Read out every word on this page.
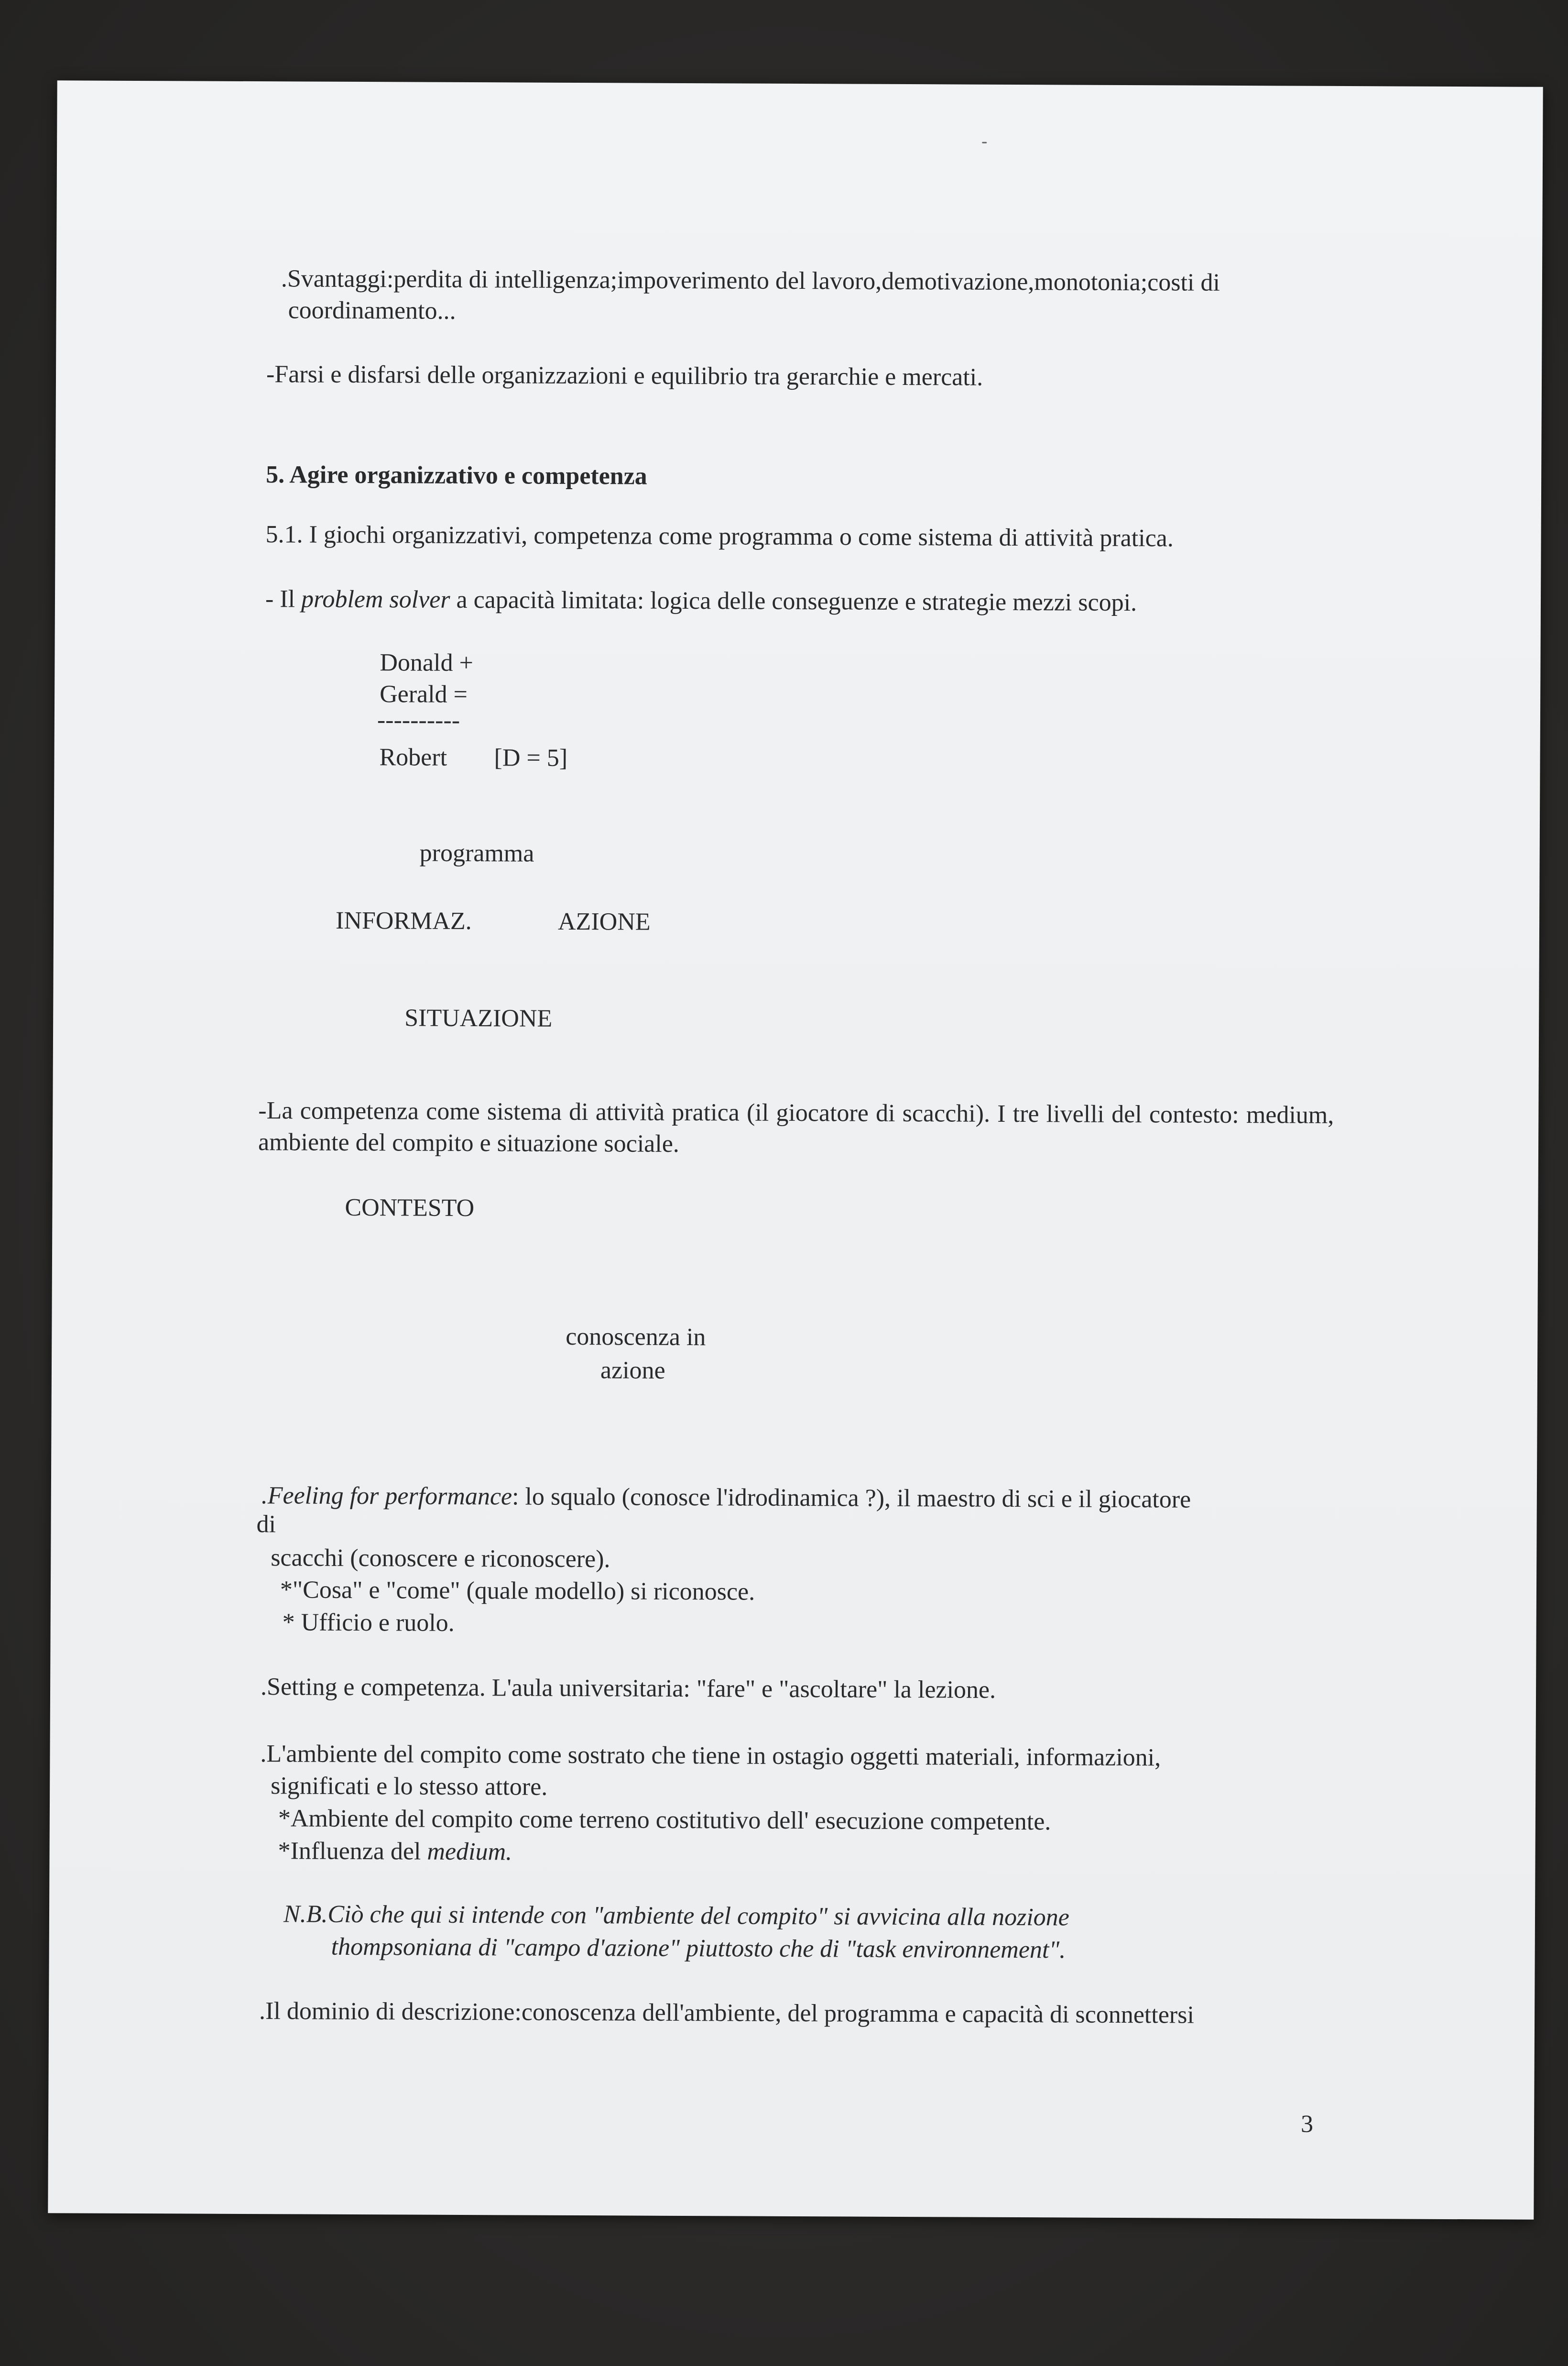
.Svantaggi:perdita di intelligenza;impoverimento del lavoro,demotivazione,monotonia;costi di

coordinamento...

-Farsi e disfarsi delle organizzazioni e equilibrio tra gerarchie e mercati.

5. Agire organizzativo e competenza

5.1. I giochi organizzativi, competenza come programma o come sistema di attività pratica.

- Il problem solver a capacità limitata: logica delle conseguenze e strategie mezzi scopi.

Donald +

Gerald =

----------

Robert [D = 5]

programma

INFORMAZ.	AZIONE

SITUAZIONE

-La competenza come sistema di attività pratica (il giocatore di scacchi). I tre livelli del contesto: medium, ambiente del compito e situazione sociale.

CONTESTO

conoscenza in

azione

.Feeling for performance: lo squalo (conosce l'idrodinamica ?), il maestro di sci e il giocatore

di

scacchi (conoscere e riconoscere).

*"Cosa" e "come" (quale modello) si riconosce.

* Ufficio e ruolo.

.Setting e competenza. L'aula universitaria: "fare" e "ascoltare" la lezione.

.L'ambiente del compito come sostrato che tiene in ostagio oggetti materiali, informazioni,

significati e lo stesso attore.

*Ambiente del compito come terreno costitutivo dell' esecuzione competente.

*Influenza del medium.

N.B.Ciò che qui si intende con "ambiente del compito" si avvicina alla nozione

thompsoniana di "campo d'azione" piuttosto che di "task environnement".

.Il dominio di descrizione:conoscenza dell'ambiente, del programma e capacità di sconnettersi

3
